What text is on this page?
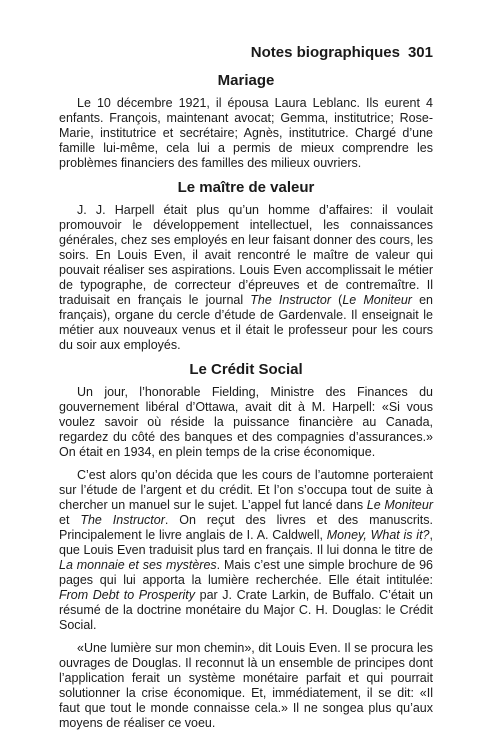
Notes biographiques 301
Mariage

Le 10 décembre 1921, il épousa Laura Leblanc. Ils eurent 4 enfants. François, maintenant avocat; Gemma, institutrice; Rose-Marie, institutrice et secrétaire; Agnès, institutrice. Chargé d’une famille lui-même, cela lui a permis de mieux comprendre les problèmes financiers des familles des milieux ouvriers.

Le maître de valeur

J. J. Harpell était plus qu’un homme d’affaires: il voulait promouvoir le développement intellectuel, les connaissances générales, chez ses employés en leur faisant donner des cours, les soirs. En Louis Even, il avait rencontré le maître de valeur qui pouvait réaliser ses aspirations. Louis Even accomplissait le métier de typographe, de correcteur d’épreuves et de contremaître. Il traduisait en français le journal The Instructor (Le Moniteur en français), organe du cercle d’étude de Gardenvale. Il enseignait le métier aux nouveaux venus et il était le professeur pour les cours du soir aux employés.

Le Crédit Social

Un jour, l’honorable Fielding, Ministre des Finances du gouvernement libéral d’Ottawa, avait dit à M. Harpell: «Si vous voulez savoir où réside la puissance financière au Canada, regardez du côté des banques et des compagnies d’assurances.» On était en 1934, en plein temps de la crise économique.

C’est alors qu’on décida que les cours de l’automne porteraient sur l’étude de l’argent et du crédit. Et l’on s’occupa tout de suite à chercher un manuel sur le sujet. L’appel fut lancé dans Le Moniteur et The Instructor. On reçut des livres et des manuscrits. Principalement le livre anglais de I. A. Caldwell, Money, What is it?, que Louis Even traduisit plus tard en français. Il lui donna le titre de La monnaie et ses mystères. Mais c’est une simple brochure de 96 pages qui lui apporta la lumière recherchée. Elle était intitulée: From Debt to Prosperity par J. Crate Larkin, de Buffalo. C’était un résumé de la doctrine monétaire du Major C. H. Douglas: le Crédit Social.

«Une lumière sur mon chemin», dit Louis Even. Il se procura les ouvrages de Douglas. Il reconnut là un ensemble de principes dont l’application ferait un système monétaire parfait et qui pourrait solutionner la crise économique. Et, immédiatement, il se dit: «Il faut que tout le monde connaisse cela.» Il ne songea plus qu’aux moyens de réaliser ce voeu.
